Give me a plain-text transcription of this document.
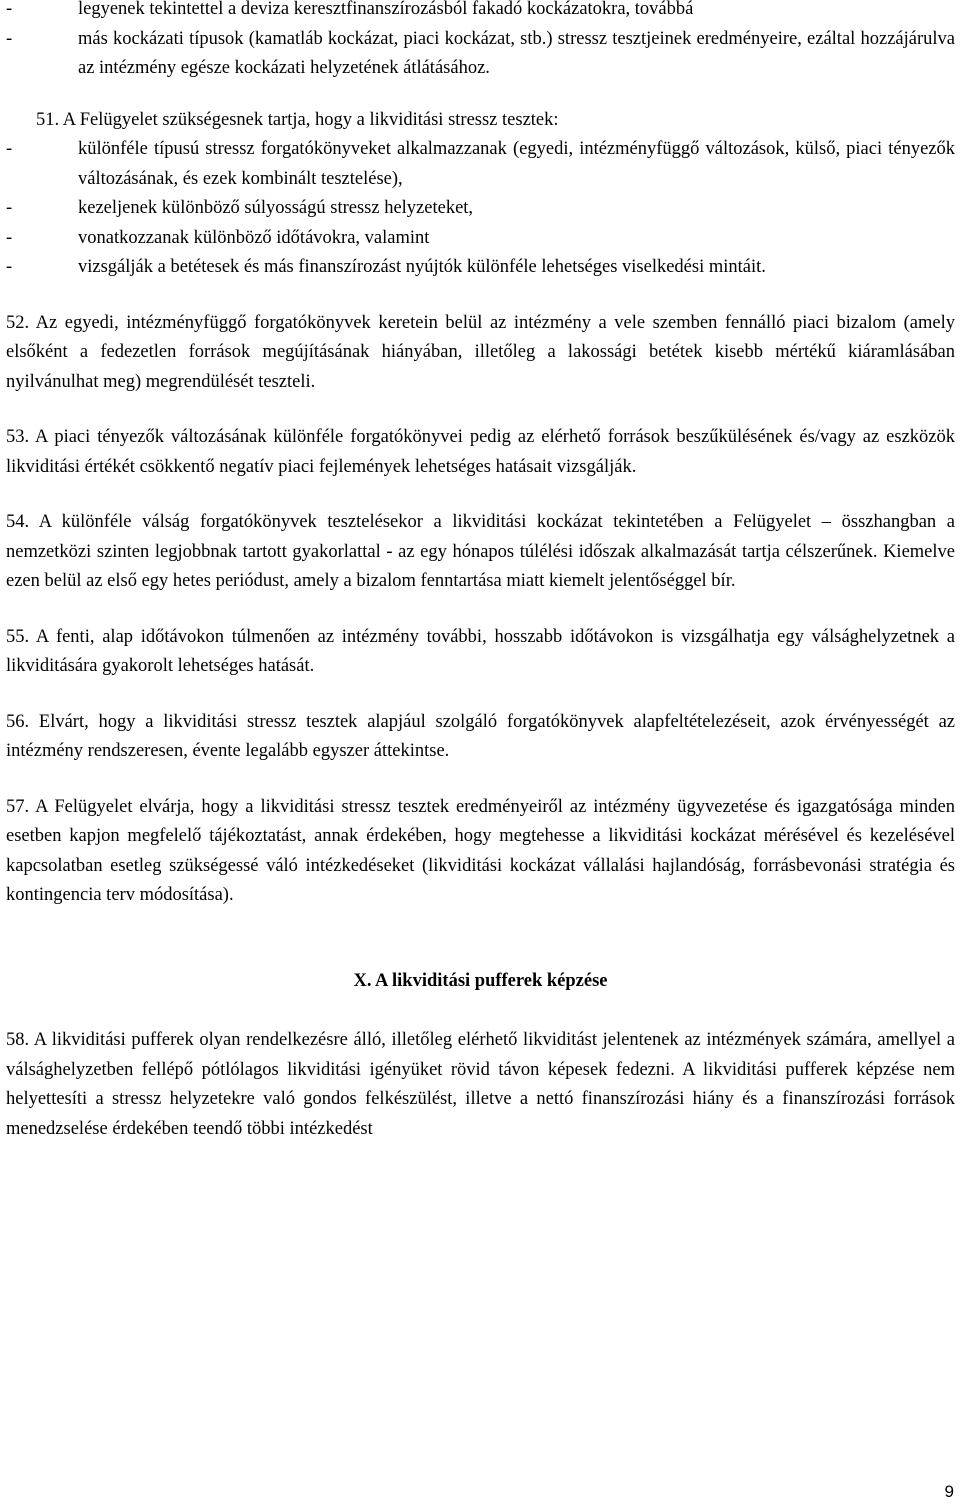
-	legyenek tekintettel a deviza keresztfinanszírozásból fakadó kockázatokra, továbbá
-	más kockázati típusok (kamatláb kockázat, piaci kockázat, stb.) stressz tesztjeinek eredményeire, ezáltal hozzájárulva az intézmény egésze kockázati helyzetének átlátásához.

51. A Felügyelet szükségesnek tartja, hogy a likviditási stressz tesztek:

-	különféle típusú stressz forgatókönyveket alkalmazzanak (egyedi, intézményfüggő változások, külső, piaci tényezők változásának, és ezek kombinált tesztelése),
-	kezeljenek különböző súlyosságú stressz helyzeteket,
-	vonatkozzanak különböző időtávokra, valamint
-	vizsgálják a betétesek és más finanszírozást nyújtók különféle lehetséges viselkedési mintáit.

52. Az egyedi, intézményfüggő forgatókönyvek keretein belül az intézmény a vele szemben fennálló piaci bizalom (amely elsőként a fedezetlen források megújításának hiányában, illetőleg a lakossági betétek kisebb mértékű kiáramlásában nyilvánulhat meg) megrendülését teszteli.

53. A piaci tényezők változásának különféle forgatókönyvei pedig az elérhető források beszűkülésének és/vagy az eszközök likviditási értékét csökkentő negatív piaci fejlemények lehetséges hatásait vizsgálják.

54. A különféle válság forgatókönyvek tesztelésekor a likviditási kockázat tekintetében a Felügyelet – összhangban a nemzetközi szinten legjobbnak tartott gyakorlattal - az egy hónapos túlélési időszak alkalmazását tartja célszerűnek. Kiemelve ezen belül az első egy hetes periódust, amely a bizalom fenntartása miatt kiemelt jelentőséggel bír.

55. A fenti, alap időtávokon túlmenően az intézmény további, hosszabb időtávokon is vizsgálhatja egy válsághelyzetnek a likviditására gyakorolt lehetséges hatását.

56. Elvárt, hogy a likviditási stressz tesztek alapjául szolgáló forgatókönyvek alapfeltételezéseit, azok érvényességét az intézmény rendszeresen, évente legalább egyszer áttekintse.

57. A Felügyelet elvárja, hogy a likviditási stressz tesztek eredményeiről az intézmény ügyvezetése és igazgatósága minden esetben kapjon megfelelő tájékoztatást, annak érdekében, hogy megtehesse a likviditási kockázat mérésével és kezelésével kapcsolatban esetleg szükségessé váló intézkedéseket (likviditási kockázat vállalási hajlandóság, forrásbevonási stratégia és kontingencia terv módosítása).

X. A likviditási pufferek képzése

58. A likviditási pufferek olyan rendelkezésre álló, illetőleg elérhető likviditást jelentenek az intézmények számára, amellyel a válsághelyzetben fellépő pótlólagos likviditási igényüket rövid távon képesek fedezni. A likviditási pufferek képzése nem helyettesíti a stressz helyzetekre való gondos felkészülést, illetve a nettó finanszírozási hiány és a finanszírozási források menedzselése érdekében teendő többi intézkedést

9
